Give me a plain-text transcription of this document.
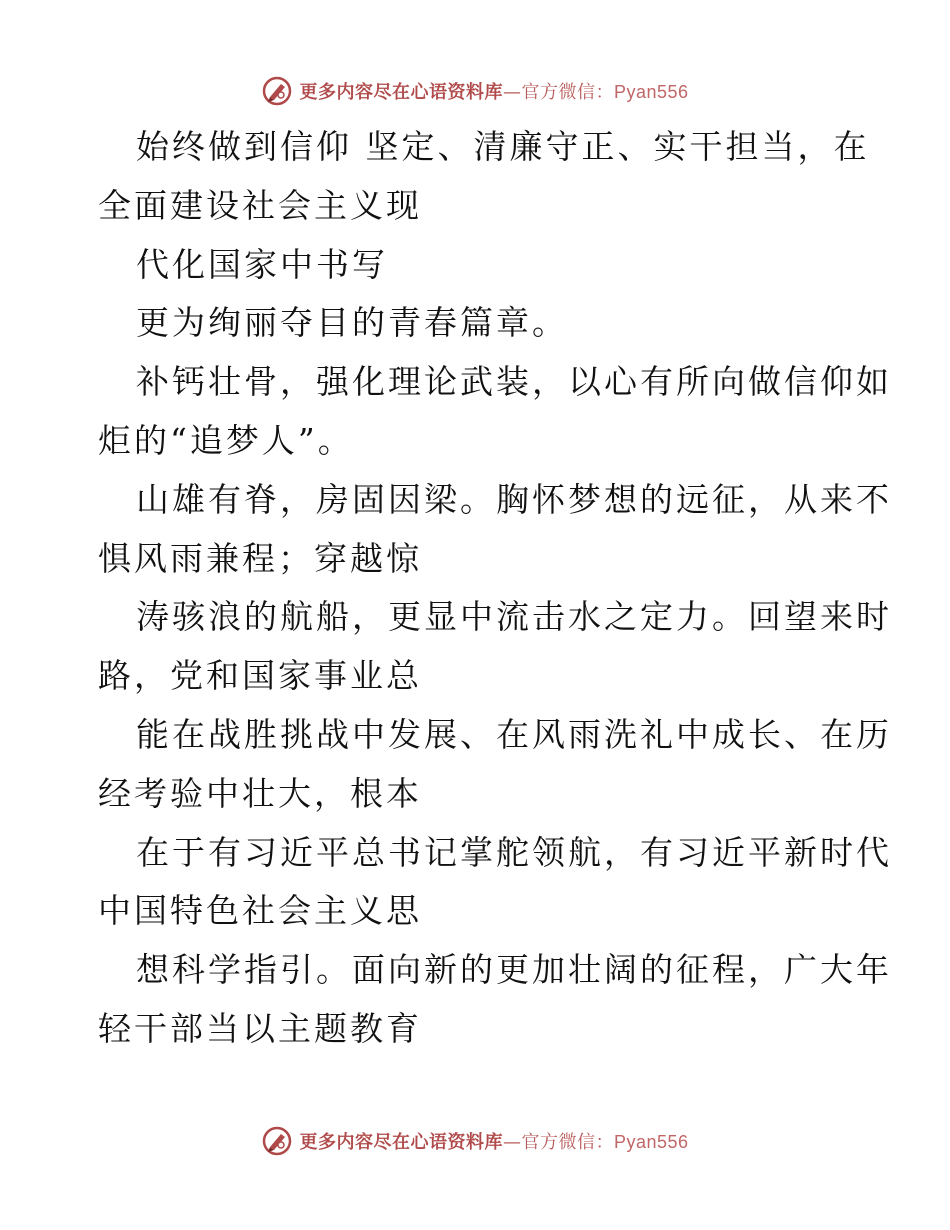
更多内容尽在心语资料库—官方微信：Pyan556
始终做到信仰 坚定、清廉守正、实干担当，在
全面建设社会主义现
代化国家中书写
更为绚丽夺目的青春篇章。
补钙壮骨，强化理论武装，以心有所向做信仰如
炬的“追梦人”。
山雄有脊，房固因梁。胸怀梦想的远征，从来不
惧风雨兼程；穿越惊
涛骇浪的航船，更显中流击水之定力。回望来时
路，党和国家事业总
能在战胜挑战中发展、在风雨洗礼中成长、在历
经考验中壮大，根本
在于有习近平总书记掌舵领航，有习近平新时代
中国特色社会主义思
想科学指引。面向新的更加壮阔的征程，广大年
轻干部当以主题教育
更多内容尽在心语资料库—官方微信：Pyan556
